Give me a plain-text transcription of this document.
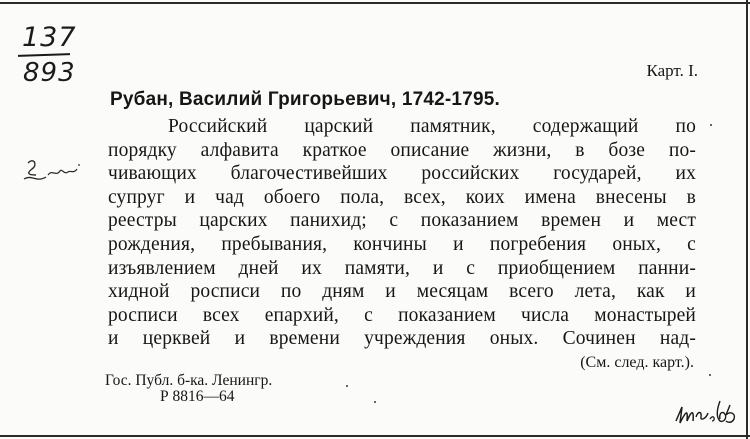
137
893	Карт. I.
Рубан, Василий Григорьевич, 1742-1795.
Российский царский памятник, содержащий по
порядку алфавита краткое описание жизни, в бозе по-
чивающих благочестивейших российских государей, их
супруг и чад обоего пола, всех, коих имена внесены в
реестры царских панихид; с показанием времен и мест
рождения, пребывания, кончины и погребения оных, с
изъявлением дней их памяти, и с приобщением панни-
хидной росписи по дням и месяцам всего лета, как и
росписи всех епархий, с показанием числа монастырей
и церквей и времени учреждения оных. Сочинен над-
(См. след. карт.).
Гос. Публ. б-ка. Ленингр.
Р 8816—64
